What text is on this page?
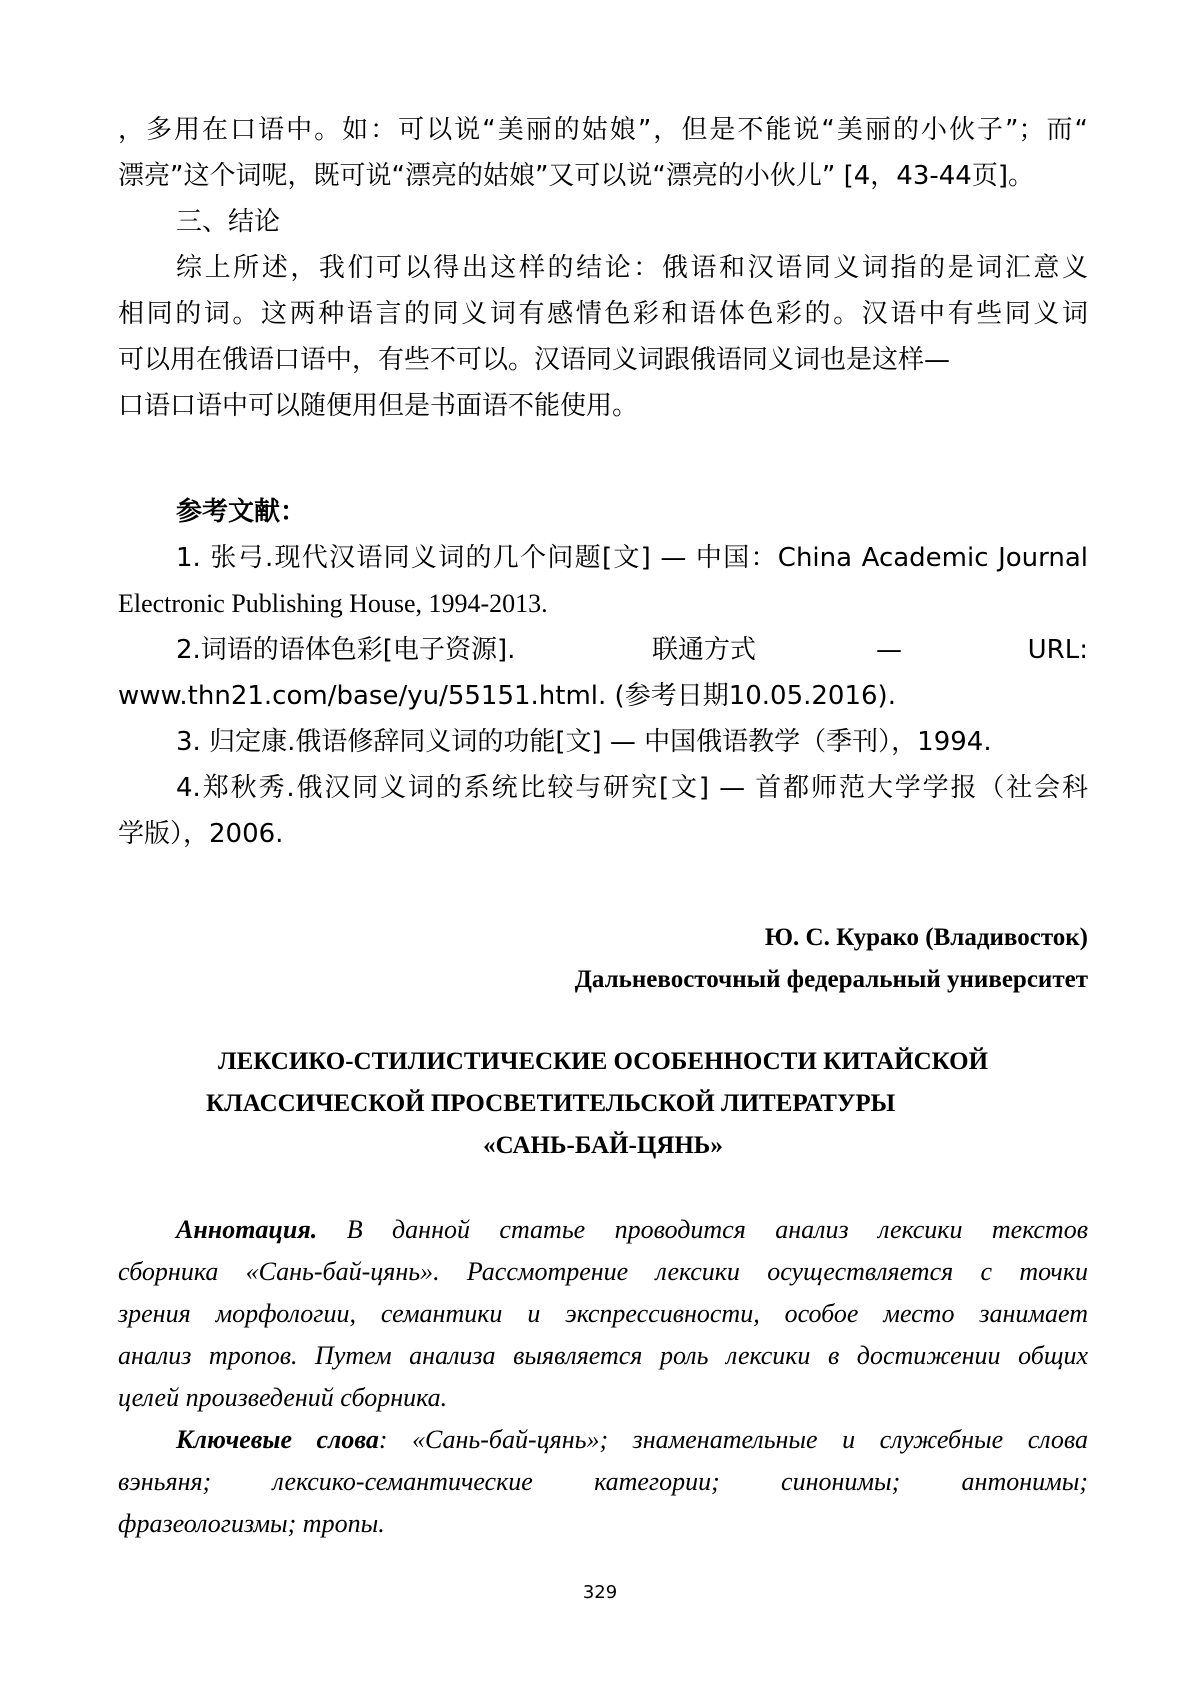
，多用在口语中。如：可以说“美丽的姑娘”，但是不能说“美丽的小伙子”；而“
漂亮”这个词呢，既可说“漂亮的姑娘”又可以说“漂亮的小伙儿” [4，43-44页]。
三、结论
综上所述，我们可以得出这样的结论：俄语和汉语同义词指的是词汇意义
相同的词。这两种语言的同义词有感情色彩和语体色彩的。汉语中有些同义词
可以用在俄语口语中，有些不可以。汉语同义词跟俄语同义词也是这样—
口语口语中可以随便用但是书面语不能使用。
参考文献：
1. 张弓.现代汉语同义词的几个问题[文] — 中国：China Academic Journal
Electronic Publishing House, 1994-2013.
2.词语的语体色彩[电子资源].	联通方式	—	URL:
www.thn21.com/base/yu/55151.html. (参考日期10.05.2016).
3. 归定康.俄语修辞同义词的功能[文] — 中国俄语教学（季刊），1994.
4.郑秋秀.俄汉同义词的系统比较与研究[文] — 首都师范大学学报（社会科
学版），2006.
Ю. С. Курако (Владивосток)
Дальневосточный федеральный университет
ЛЕКСИКО-СТИЛИСТИЧЕСКИЕ ОСОБЕННОСТИ КИТАЙСКОЙ
КЛАССИЧЕСКОЙ ПРОСВЕТИТЕЛЬСКОЙ ЛИТЕРАТУРЫ
«САНЬ-БАЙ-ЦЯНЬ»
Аннотация. В данной статье проводится анализ лексики текстов
сборника «Сань-бай-цянь». Рассмотрение лексики осуществляется с точки
зрения морфологии, семантики и экспрессивности, особое место занимает
анализ тропов. Путем анализа выявляется роль лексики в достижении общих
целей произведений сборника.
Ключевые слова: «Сань-бай-цянь»; знаменательные и служебные слова
вэньяня; лексико-семантические категории; синонимы; антонимы;
фразеологизмы; тропы.
329
